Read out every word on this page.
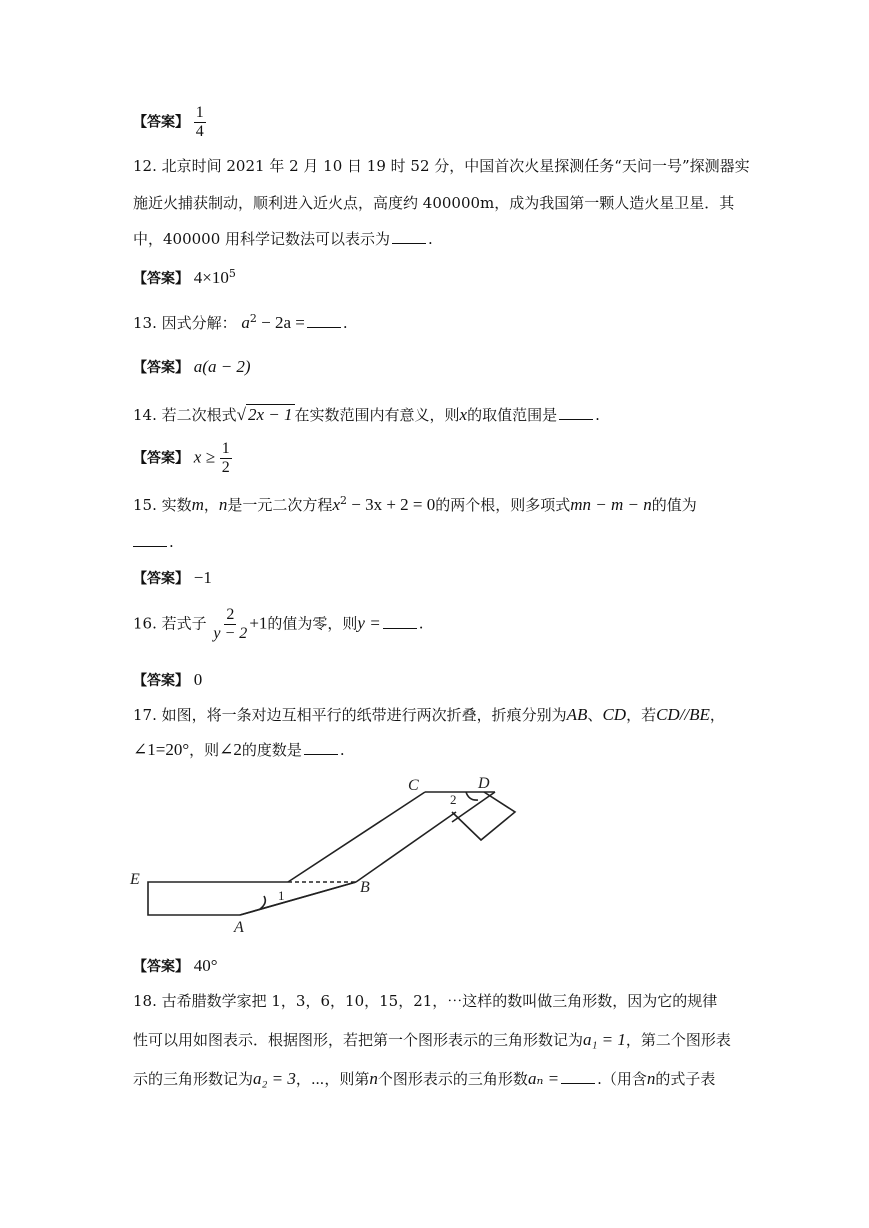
【答案】 $\frac{1}{4}$
12. 北京时间 2021 年 2 月 10 日 19 时 52 分，中国首次火星探测任务“天问一号”探测器实
施近火捕获制动，顺利进入近火点，高度约 400000m，成为我国第一颗人造火星卫星．其
中，400000 用科学记数法可以表示为	.
【答案】 $4\times 10^5$
13. 因式分解： $a^2 - 2a$ =	.
【答案】 a(a − 2)
14. 若二次根式√ 2x − 1 在实数范围内有意义，则x的取值范围是	.
【答案】 $x \ge \frac{1}{2}$
15. 实数m，n是一元二次方程$x^2 - 3x + 2 = 0$的两个根，则多项式mn − m − n的值为
.
【答案】 −1
16. 若式子 $\frac{2}{y - 2} +1$的值为零，则y =	.
【答案】 0
17. 如图，将一条对边互相平行的纸带进行两次折叠，折痕分别为AB、CD，若CD//BE，
∠1=20°，则∠2的度数是	.
E
A
B
C	D
1
2
【答案】 40°
18. 古希腊数学家把 1，3，6，10，15，21，⋯这样的数叫做三角形数，因为它的规律
性可以用如图表示．根据图形，若把第一个图形表示的三角形数记为a₁ = 1，第二个图形表
示的三角形数记为a₂ = 3，⋯，则第n个图形表示的三角形数aₙ =	.（用含n的式子表
